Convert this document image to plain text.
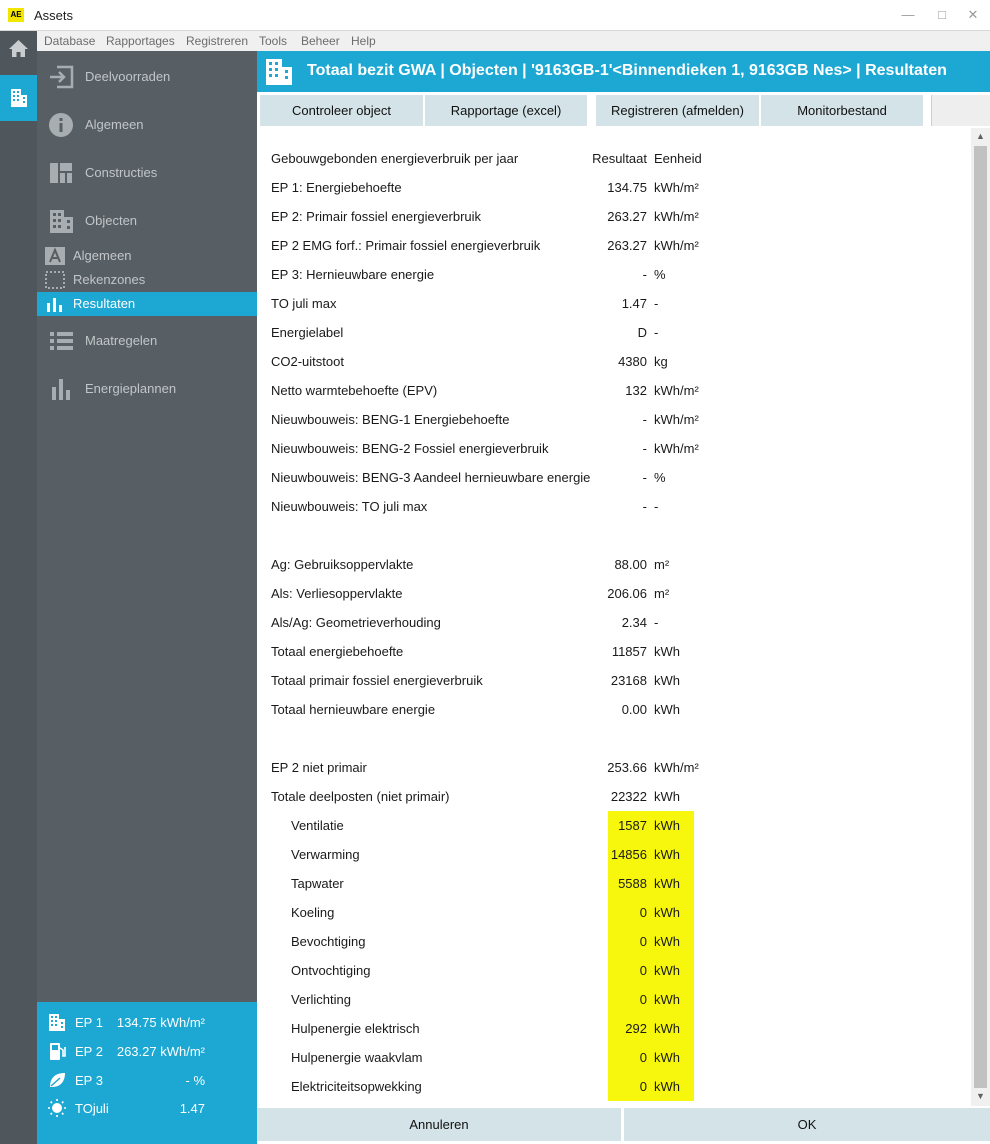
AE Assets	—	□	✕
Database Rapportages Registreren Tools Beheer Help
Deelvoorraden
Algemeen
Constructies
Objecten
Algemeen
Rekenzones
Resultaten
Maatregelen
Energieplannen
EP 1 134.75 kWh/m²
EP 2 263.27 kWh/m²
EP 3	- %
TOjuli	1.47
Totaal bezit GWA | Objecten | '9163GB-1'<Binnendieken 1, 9163GB Nes> | Resultaten
Controleer object	Rapportage (excel)	Registreren (afmelden)	Monitorbestand
Gebouwgebonden energieverbruik per jaar	Resultaat Eenheid
EP 1: Energiebehoefte	134.75 kWh/m²
EP 2: Primair fossiel energieverbruik	263.27 kWh/m²
EP 2 EMG forf.: Primair fossiel energieverbruik	263.27 kWh/m²
EP 3: Hernieuwbare energie	- %
TO juli max	1.47 -
Energielabel	D -
CO2-uitstoot	4380 kg
Netto warmtebehoefte (EPV)	132 kWh/m²
Nieuwbouweis: BENG-1 Energiebehoefte	- kWh/m²
Nieuwbouweis: BENG-2 Fossiel energieverbruik	- kWh/m²
Nieuwbouweis: BENG-3 Aandeel hernieuwbare energie	- %
Nieuwbouweis: TO juli max	- -
Ag: Gebruiksoppervlakte	88.00 m²
Als: Verliesoppervlakte	206.06 m²
Als/Ag: Geometrieverhouding	2.34 -
Totaal energiebehoefte	11857 kWh
Totaal primair fossiel energieverbruik	23168 kWh
Totaal hernieuwbare energie	0.00 kWh
EP 2 niet primair	253.66 kWh/m²
Totale deelposten (niet primair)	22322 kWh
Ventilatie	1587 kWh
Verwarming	14856 kWh
Tapwater	5588 kWh
Koeling	0 kWh
Bevochtiging	0 kWh
Ontvochtiging	0 kWh
Verlichting	0 kWh
Hulpenergie elektrisch	292 kWh
Hulpenergie waakvlam	0 kWh
Elektriciteitsopwekking	0 kWh
▲
▼
Annuleren	OK
